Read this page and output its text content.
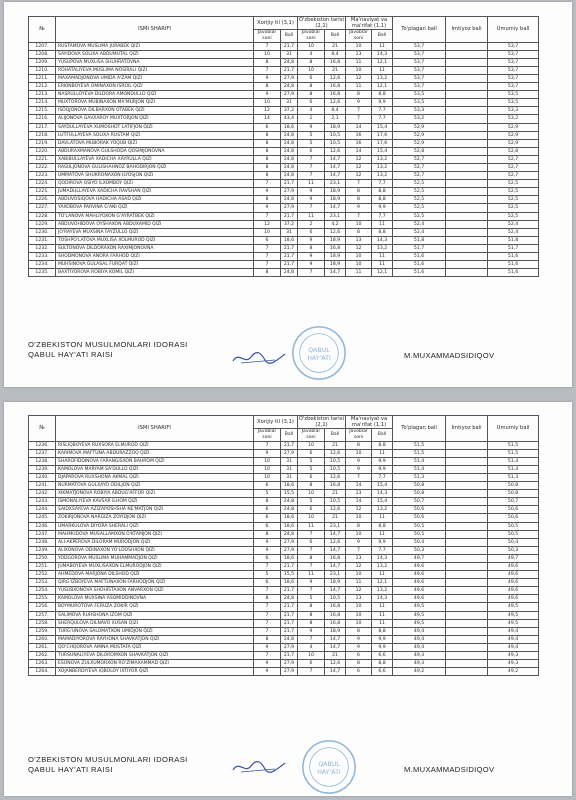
№	ISMI SHARIFI	Xorijiy til (3,1)		O'zbekiston tarixi (2,1)		Ma'naviyat va ma'rifat (1,1)		To'plagan ball	Imtiyoz bali	Umumiy ball
		Javoblar soni	Ball	Javoblar soni	Ball	Javoblar soni	Ball			
1207.	RUSTAMOVA MUSLIMA JURABEK QIZI	7	21,7	10	21	10	11	53,7		53,7
1208.	SAYIDOVA SOLIXA ABDUMUTAL QIZI	10	31	4	8,4	13	14,3	53,7		53,7
1209.	YUSUPOVA MUXLISA SHUHRATOVNA	8	24,8	8	16,8	11	12,1	53,7		53,7
1210.	ROHATALIYEVA MUSLIMA NOSIRALI QIZI	7	21,7	10	21	10	11	53,7		53,7
1211.	MAXAMADJONOVA UMIDA A'ZAM QIZI	9	27,9	6	12,6	12	13,2	53,7		53,7
1212.	ERKINBOYEVA OMINAXON ISROIL QIZI	8	24,8	8	16,8	11	12,1	53,7		53,7
1213.	NASRULLOYEVA DILDORA AMONDULLO QIZI	9	27,9	8	16,8	8	8,8	53,5		53,5
1214.	MUXTOROVA MUBINAXON MA'MURJON QIZI	10	31	6	12,6	9	9,9	53,5		53,5
1215.	ISOQJONOVA DILBARXON OTABEK QIZI	12	37,2	4	8,4	7	7,7	53,3		53,3
1216.	ALIJONOVA GAVXAROY MUXTORJON QIZI	14	43,4	1	2,1	7	7,7	53,2		53,2
1217.	SAYDULLAYEVA XUMOSHOT LATIFJON QIZI	6	18,6	9	18,9	14	15,4	52,9		52,9
1218.	LUTFULLAYEVA SOLIXA RUSTAM QIZI	8	24,8	5	10,5	16	17,6	52,9		52,9
1219.	DAVLATOVA MUBORAK YOQUB QIZI	8	24,8	5	10,5	16	17,6	52,9		52,9
1220.	ABDURAXMANOVA GULSHODA QOSIMJONOVNA	8	24,8	6	12,6	14	15,4	52,8		52,8
1221.	XABIBULLAYEVA XADICHA XAYRULLA QIZI	8	24,8	7	14,7	12	13,2	52,7		52,7
1222.	RASULJONOVA GULISHAHNOZ BAHODIRJON QIZI	8	24,8	7	14,7	12	13,2	52,7		52,7
1223.	UMMATOVA SHUKRONAXON ILYOSJON QIZI	8	24,8	7	14,7	12	13,2	52,7		52,7
1224.	QODIROVA OSIYO ILXOMBOY QIZI	7	21,7	11	23,1	7	7,7	52,5		52,5
1225.	JUMADULLAYEVA XADICHA RAVSHAN QIZI	9	27,9	9	18,9	8	8,8	52,5		52,5
1226.	ABDUVOSIQOVA HADICHA ASAD QIZI	8	24,8	9	18,9	8	8,8	52,5		52,5
1227.	YAXOBOVA PARVINA G'ANI QIZI	9	27,9	7	14,7	9	9,9	52,5		52,5
1228.	TO'LANOVA MAHLIYOXON G'AYRATBEK QIZI	7	21,7	11	23,1	7	7,7	52,5		52,5
1229.	ABDUVOHIDOVA OYSHAXON ABDUXAMID QIZI	12	37,2	2	4,2	10	11	52,4		52,4
1230.	JO'RAYEVA MUXSINA FAYZULLO QIZI	10	31	6	12,6	8	8,8	52,4		52,4
1231.	TOSHPO'LATOVA MUXLISA XOLMUROD QIZI	6	18,6	9	18,9	13	14,3	51,8		51,8
1232.	SULTONOVA DILDORAXON RAXIMJONOVNA	7	21,7	8	16,8	12	13,2	51,7		51,7
1233.	SHODMONOVA ANORA FARHOD QIZI	7	21,7	9	18,9	10	11	51,6		51,6
1234.	MUHSINOVA GULASAL FURQAT QIZI	7	21,7	9	18,9	10	11	51,6		51,6
1235.	BAXTIYOROVA ROBIYA KOMIL QIZI	8	24,8	7	14,7	11	12,1	51,6		51,6
O'ZBEKISTON MUSULMONLARI IDORASI
QABUL HAY'ATI RAISI	QABUL
HAY'ATI	M.MUXAMMADSIDIQOV
№	ISMI SHARIFI	Xorijiy til (3,1)		O'zbekiston tarixi (2,1)		Ma'naviyat va ma'rifat (1,1)		To'plagan ball	Imtiyoz bali	Umumiy ball
		Javoblar soni	Ball	Javoblar soni	Ball	Javoblar soni	Ball			
1236.	RISLIQBOYEVA RUXSORA ELMUROD QIZI	7	21,7	10	21	8	8,8	51,5		51,5
1237.	KARIMOVA MAFTUNA ABDURAZZOQ QIZI	9	27,9	6	12,6	10	11	51,5		51,5
1238.	SHAROFIDDINOVA FARANGISXON BAHROM QIZI	10	31	5	10,5	9	9,9	51,4		51,4
1239.	KAMOLOVA MARYAM SA'DULLO QIZI	10	31	5	10,5	9	9,9	51,4		51,4
1240.	DJAPAROVA RUXSHONA AKMAL QIZI	10	31	6	12,6	7	7,7	51,3		51,3
1241.	NURMATOVA GULXAYO ODILJON QIZI	6	18,6	8	16,8	14	15,4	50,8		50,8
1242.	XIKMATJONOVA ROBIYA ABDUG'AFFOR QIZI	5	15,5	10	21	13	14,3	50,8		50,8
1243.	ISMONALIYEVA KAVSAR ILHOM QIZI	8	24,8	5	10,5	14	15,4	50,7		50,7
1244.	SAIDXSAYEVA AZIZAPOSHSHA NE'MATJON QIZI	6	24,8	6	12,6	12	13,2	50,6		50,6
1245.	ZOKIRJONOVA NARGIZA ZOYIDJON QIZI	6	18,6	10	21	10	11	50,6		50,6
1246.	UMARKULOVA DIYORA SHERALI QIZI	6	18,6	11	23,1	8	8,8	50,5		50,5
1247.	MAHMUDOVA MUSALLAMXON O'KTAMJON QIZI	8	24,8	7	14,7	10	11	50,5		50,5
1248.	ALI-AKPEROVA DILORAM MURODJON QIZI	9	27,9	6	12,6	9	9,9	50,4		50,4
1249.	ALIXONOVA ODINAXON YO'LDOSHXON QIZI	9	27,9	7	14,7	7	7,7	50,3		50,3
1250.	YODGOROVA MUSLIMA MUHAMMADJON QIZI	6	18,6	8	16,8	13	14,3	49,7		49,7
1251.	JUMABOYEVA MUXLISAXON ELMURODJON QIZI	7	21,7	7	14,7	12	13,2	49,6		49,6
1252.	AHMEDOVA MARJONA DILSHOD QIZI	5	15,5	11	23,1	10	11	49,6		49,6
1253.	QIRG'IZBOYEVA MAFTUNAXON FARHODJON QIZI	6	18,6	9	18,9	11	12,1	49,6		49,6
1254.	YUSUBXONOVA SHOHISTAXON ANVARXON QIZI	7	21,7	7	14,7	12	13,2	49,6		49,6
1255.	KAMOLOVA MUXSINA ASOMIDDINOVNA	8	24,8	5	10,5	13	14,3	49,6		49,6
1256.	BOYMUROTOVA FERUZA ZOKIR QIZI	7	21,7	8	16,8	10	11	49,5		49,5
1257.	SALIMOVA RUHSHONA IZOM QIZI	7	21,7	8	16,8	10	11	49,5		49,5
1258.	SHERQULOVA DILNAVO XUSAN QIZI	7	21,7	8	16,8	10	11	49,5		49,5
1259.	TURG'UNOVA SALOMATXON UMIDJON QIZI	7	21,7	9	18,9	8	8,8	49,4		49,4
1260.	MAMADIYOROVA RAYHONA SHAVKATJON QIZI	8	24,8	7	14,7	9	9,9	49,4		49,4
1261.	QO'CHQOROVA AMINA MUSTAFA QIZI	9	27,9	4	14,7	9	9,9	49,4		49,4
1262.	TURSUNALIYEVA DILOROMXON SHAVKATJON QIZI	7	21,7	10	21	6	6,6	49,3		49,3
1263.	ESONOVA ZULXUMORXON RO'ZIMAXAMMAD QIZI	9	27,9	6	12,6	8	8,8	49,3		49,3
1264.	XOJANBERDIYEVA IQBOLOY IXTIYOR QIZI	9	27,9	7	14,7	6	6,6	49,2		49,2
O'ZBEKISTON MUSULMONLARI IDORASI
QABUL HAY'ATI RAISI	QABUL
HAY'ATI	M.MUXAMMADSIDIQOV
